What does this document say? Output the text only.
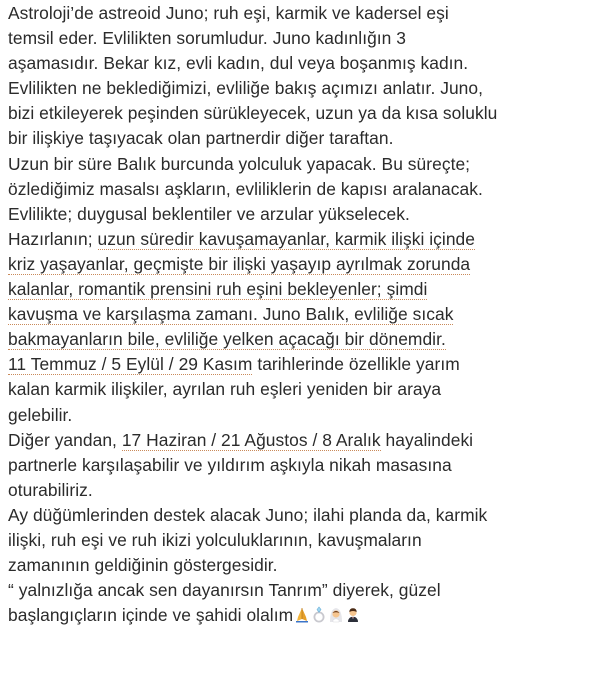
Astroloji’de astreoid Juno; ruh eşi, karmik ve kadersel eşi
temsil eder. Evlilikten sorumludur. Juno kadınlığın 3
aşamasıdır. Bekar kız, evli kadın, dul veya boşanmış kadın.
Evlilikten ne beklediğimizi, evliliğe bakış açımızı anlatır. Juno,
bizi etkileyerek peşinden sürükleyecek, uzun ya da kısa soluklu
bir ilişkiye taşıyacak olan partnerdir diğer taraftan.
Uzun bir süre Balık burcunda yolculuk yapacak. Bu süreçte;
özlediğimiz masalsı aşkların, evliliklerin de kapısı aralanacak.
Evlilikte; duygusal beklentiler ve arzular yükselecek.
Hazırlanın; uzun süredir kavuşamayanlar, karmik ilişki içinde
kriz yaşayanlar, geçmişte bir ilişki yaşayıp ayrılmak zorunda
kalanlar, romantik prensini ruh eşini bekleyenler; şimdi
kavuşma ve karşılaşma zamanı. Juno Balık, evliliğe sıcak
bakmayanların bile, evliliğe yelken açacağı bir dönemdir.
11 Temmuz / 5 Eylül / 29 Kasım tarihlerinde özellikle yarım
kalan karmik ilişkiler, ayrılan ruh eşleri yeniden bir araya
gelebilir.
Diğer yandan, 17 Haziran / 21 Ağustos / 8 Aralık hayalindeki
partnerle karşılaşabilir ve yıldırım aşkıyla nikah masasına
oturabiliriz.
Ay düğümlerinden destek alacak Juno; ilahi planda da, karmik
ilişki, ruh eşi ve ruh ikizi yolculuklarının, kavuşmaların
zamanının geldiğinin göstergesidir.
“ yalnızlığa ancak sen dayanırsın Tanrım” diyerek, güzel
başlangıçların içinde ve şahidi olalım
